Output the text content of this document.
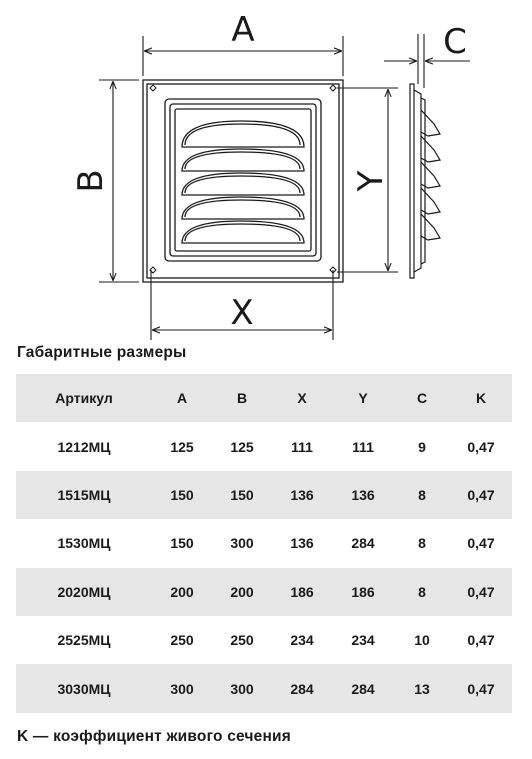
A
B
X
Y
C
Габаритные размеры
Артикул	A	B	X	Y	C	K
1212МЦ	125	125	111	111	9	0,47
1515МЦ	150	150	136	136	8	0,47
1530МЦ	150	300	136	284	8	0,47
2020МЦ	200	200	186	186	8	0,47
2525МЦ	250	250	234	234	10	0,47
3030МЦ	300	300	284	284	13	0,47
K — коэффициент живого сечения
